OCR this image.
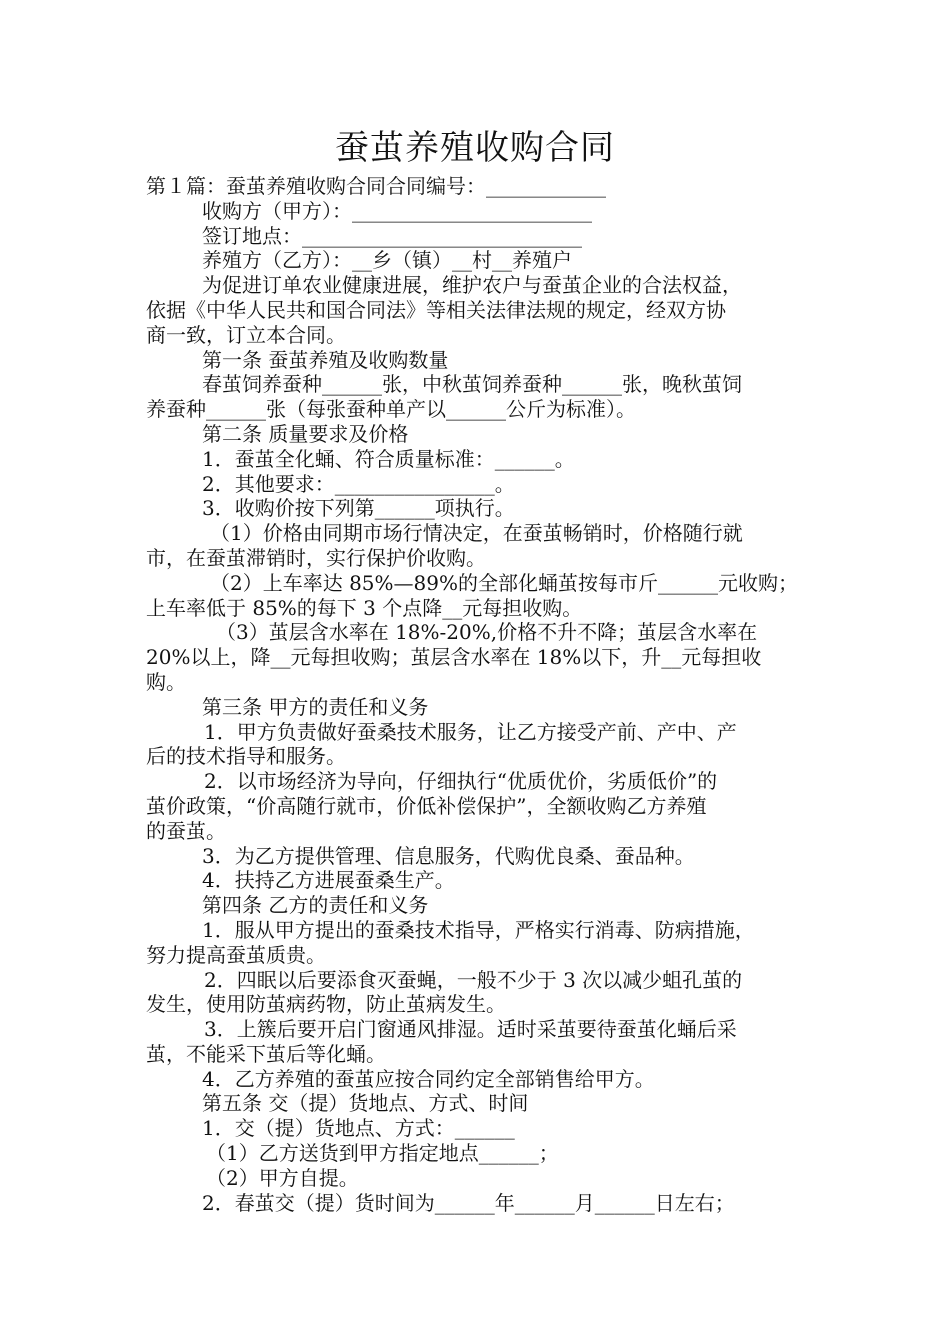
蚕茧养殖收购合同
第１篇：蚕茧养殖收购合同合同编号：____________
收购方（甲方）：________________________
签订地点：____________________________
养殖方（乙方）：__乡（镇）__村__养殖户
为促进订单农业健康进展，维护农户与蚕茧企业的合法权益，
依据《中华人民共和国合同法》等相关法律法规的规定，经双方协
商一致，订立本合同。
第一条 蚕茧养殖及收购数量
春茧饲养蚕种______张，中秋茧饲养蚕种______张，晚秋茧饲
养蚕种______张（每张蚕种单产以______公斤为标准）。
第二条 质量要求及价格
1．蚕茧全化蛹、符合质量标准：______。
2．其他要求：________________。
3．收购价按下列第______项执行。
（1）价格由同期市场行情决定，在蚕茧畅销时，价格随行就
市，在蚕茧滞销时，实行保护价收购。
（2）上车率达 85%—89%的全部化蛹茧按每市斤______元收购；
上车率低于 85%的每下 3 个点降__元每担收购。
（3）茧层含水率在 18%-20%,价格不升不降；茧层含水率在
20%以上，降__元每担收购；茧层含水率在 18%以下，升__元每担收
购。
第三条 甲方的责任和义务
1．甲方负责做好蚕桑技术服务，让乙方接受产前、产中、产
后的技术指导和服务。
2．以市场经济为导向，仔细执行“优质优价，劣质低价”的
茧价政策，“价高随行就市，价低补偿保护”，全额收购乙方养殖
的蚕茧。
3．为乙方提供管理、信息服务，代购优良桑、蚕品种。
4．扶持乙方进展蚕桑生产。
第四条 乙方的责任和义务
1．服从甲方提出的蚕桑技术指导，严格实行消毒、防病措施，
努力提高蚕茧质贵。
2．四眠以后要添食灭蚕蝇，一般不少于 3 次以减少蛆孔茧的
发生，使用防茧病药物，防止茧病发生。
3．上簇后要开启门窗通风排湿。适时采茧要待蚕茧化蛹后采
茧，不能采下茧后等化蛹。
4．乙方养殖的蚕茧应按合同约定全部销售给甲方。
第五条 交（提）货地点、方式、时间
1．交（提）货地点、方式：______
（1）乙方送货到甲方指定地点______；
（2）甲方自提。
2．春茧交（提）货时间为______年______月______日左右；
